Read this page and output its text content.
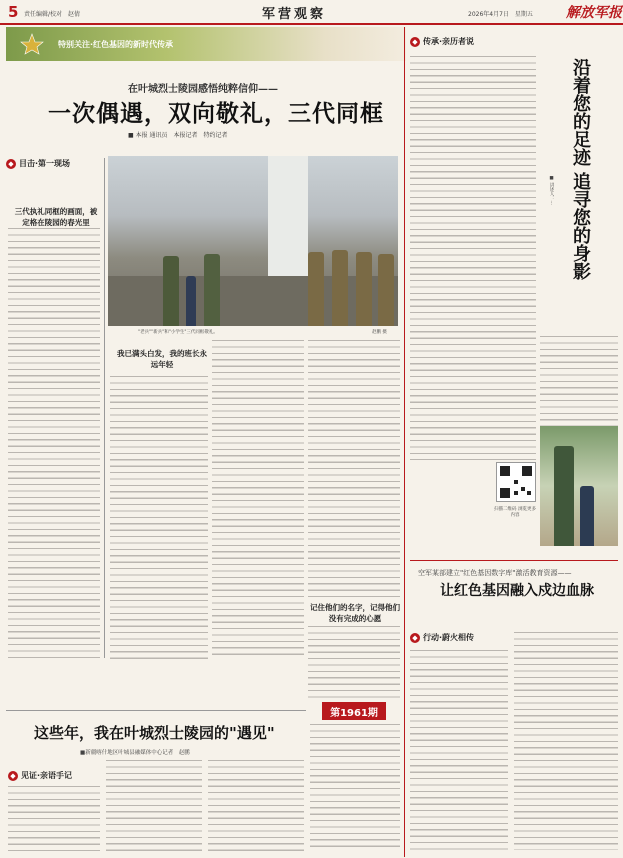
5 责任编辑/校对　赵倩	军营观察	2026年4月7日　星期五 解放军报
特别关注·红色基因的新时代传承
在叶城烈士陵园感悟纯粹信仰——
一次偶遇，双向敬礼，三代同框
■ 本报 通讯员　本报记者　特约记者
◆ 目击·第一现场
三代执礼同框的画面，被定格在陵园的春光里
"老兵""新兵"和"小学生"三代同框敬礼。	赵鹏 摄
我已满头白发，我的班长永远年轻
记住他们的名字，记得他们没有完成的心愿
第1961期
◆ 传承·亲历者说
沿着您的足迹 追寻您的身影
■ 讲述人：…
扫描二维码 浏览更多内容
空军某部建立"红色基因数字库"激活教育资源——
让红色基因融入戍边血脉
◆ 行动·蔚火相传
这些年，我在叶城烈士陵园的"遇见"
■新疆喀什地区叶城县融媒体中心记者　赵鹏
◆ 见证·亲语手记
